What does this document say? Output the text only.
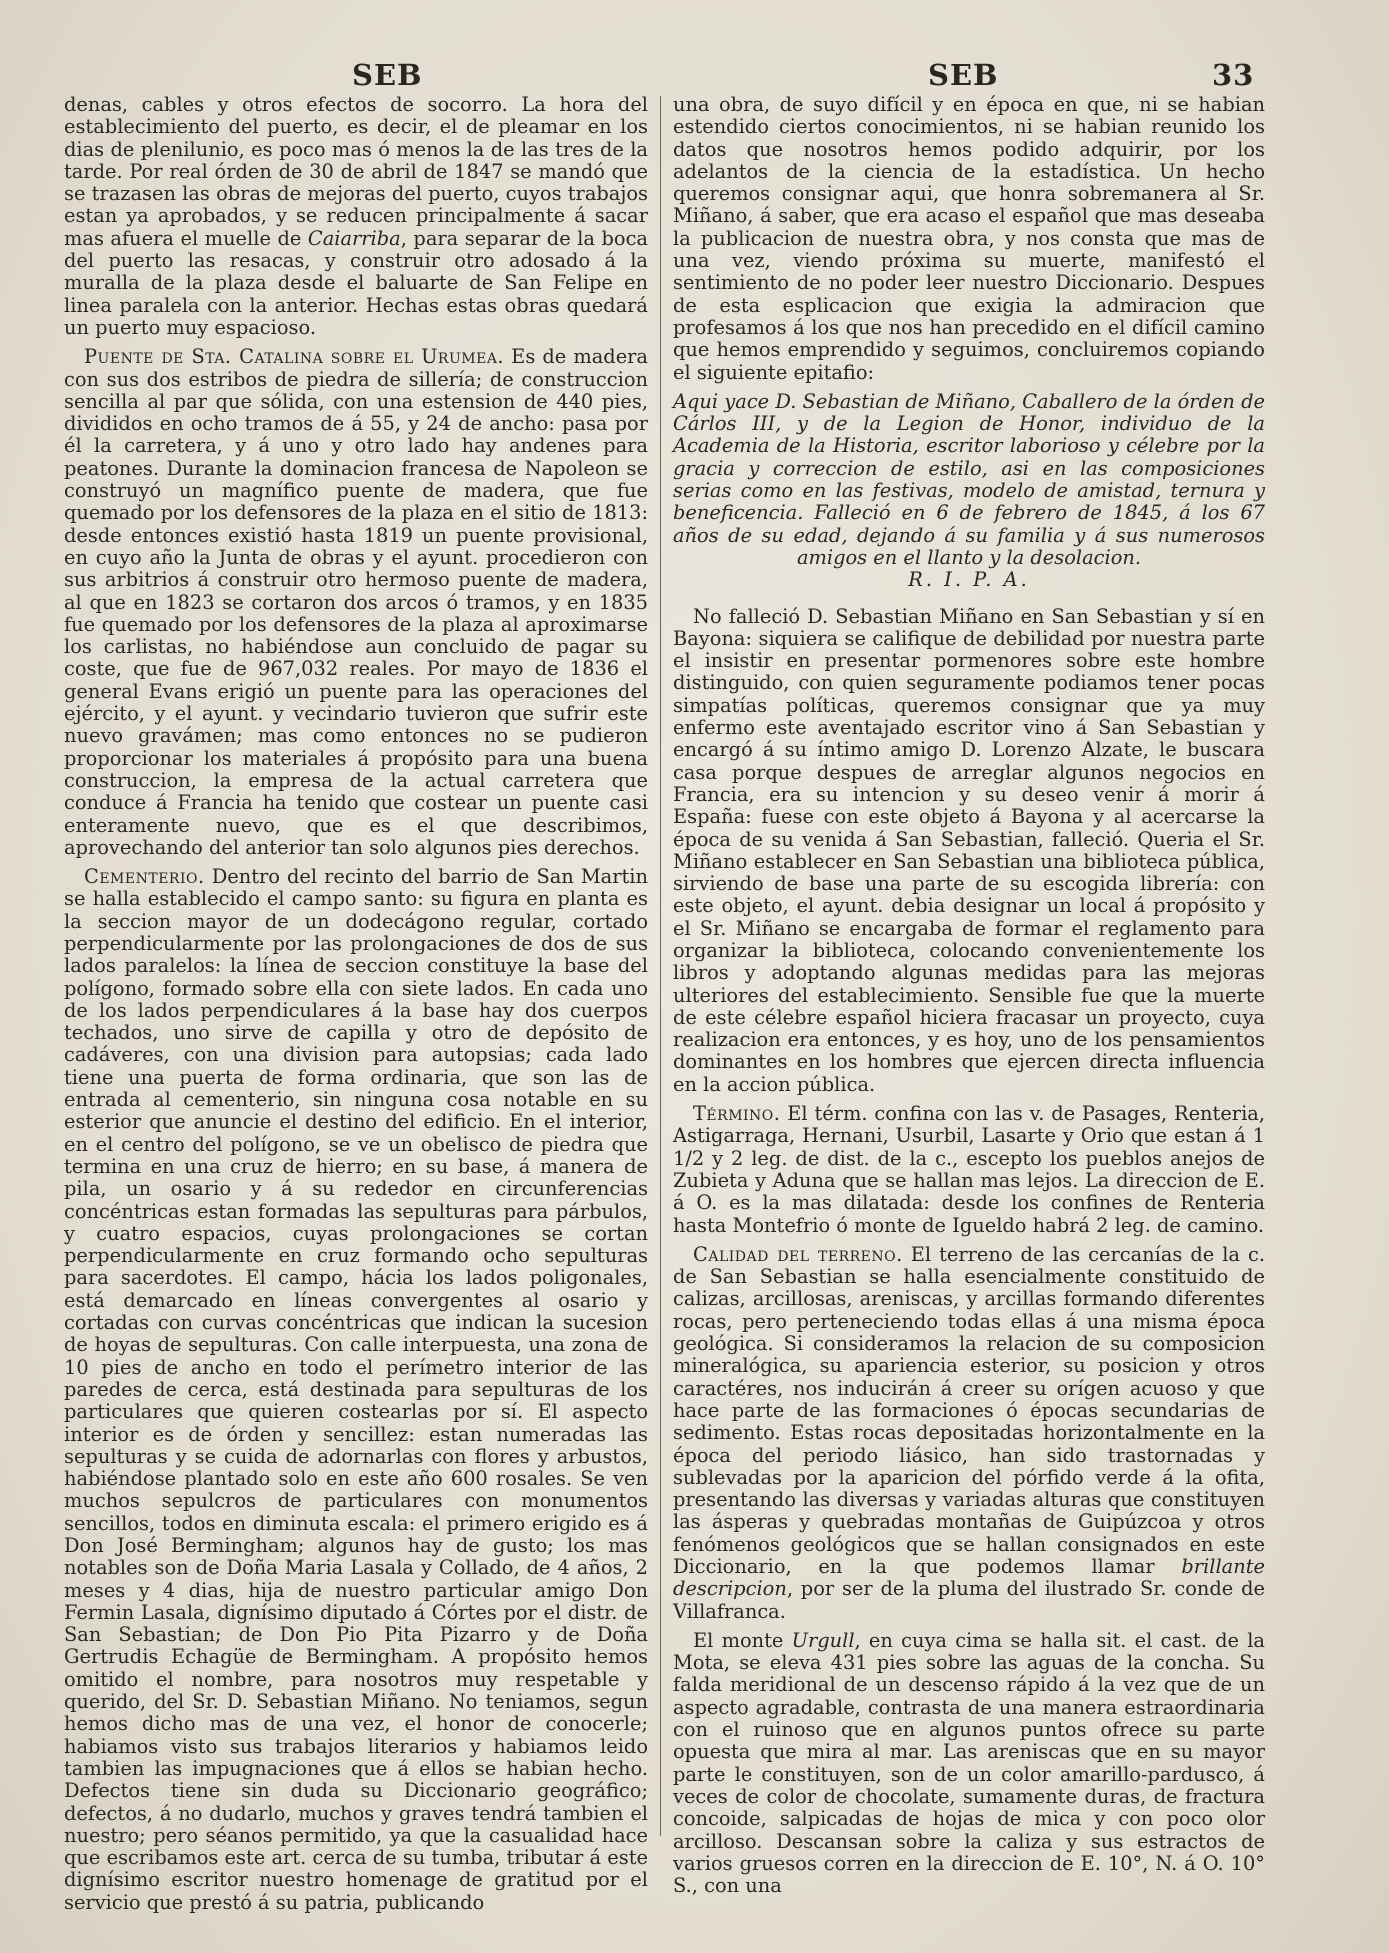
SEB	SEB	33

denas, cables y otros efectos de socorro. La hora del establecimiento del puerto, es decir, el de pleamar en los dias de plenilunio, es poco mas ó menos la de las tres de la tarde. Por real órden de 30 de abril de 1847 se mandó que se trazasen las obras de mejoras del puerto, cuyos trabajos estan ya aprobados, y se reducen principalmente á sacar mas afuera el muelle de Caiarriba, para separar de la boca del puerto las resacas, y construir otro adosado á la muralla de la plaza desde el baluarte de San Felipe en linea paralela con la anterior. Hechas estas obras quedará un puerto muy espacioso.

Puente de Sta. Catalina sobre el Urumea. Es de madera con sus dos estribos de piedra de sillería; de construccion sencilla al par que sólida, con una estension de 440 pies, divididos en ocho tramos de á 55, y 24 de ancho: pasa por él la carretera, y á uno y otro lado hay andenes para peatones. Durante la dominacion francesa de Napoleon se construyó un magnífico puente de madera, que fue quemado por los defensores de la plaza en el sitio de 1813: desde entonces existió hasta 1819 un puente provisional, en cuyo año la Junta de obras y el ayunt. procedieron con sus arbitrios á construir otro hermoso puente de madera, al que en 1823 se cortaron dos arcos ó tramos, y en 1835 fue quemado por los defensores de la plaza al aproximarse los carlistas, no habiéndose aun concluido de pagar su coste, que fue de 967,032 reales. Por mayo de 1836 el general Evans erigió un puente para las operaciones del ejército, y el ayunt. y vecindario tuvieron que sufrir este nuevo gravámen; mas como entonces no se pudieron proporcionar los materiales á propósito para una buena construccion, la empresa de la actual carretera que conduce á Francia ha tenido que costear un puente casi enteramente nuevo, que es el que describimos, aprovechando del anterior tan solo algunos pies derechos.

Cementerio. Dentro del recinto del barrio de San Martin se halla establecido el campo santo: su figura en planta es la seccion mayor de un dodecágono regular, cortado perpendicularmente por las prolongaciones de dos de sus lados paralelos: la línea de seccion constituye la base del polígono, formado sobre ella con siete lados. En cada uno de los lados perpendiculares á la base hay dos cuerpos techados, uno sirve de capilla y otro de depósito de cadáveres, con una division para autopsias; cada lado tiene una puerta de forma ordinaria, que son las de entrada al cementerio, sin ninguna cosa notable en su esterior que anuncie el destino del edificio. En el interior, en el centro del polígono, se ve un obelisco de piedra que termina en una cruz de hierro; en su base, á manera de pila, un osario y á su rededor en circunferencias concéntricas estan formadas las sepulturas para párbulos, y cuatro espacios, cuyas prolongaciones se cortan perpendicularmente en cruz formando ocho sepulturas para sacerdotes. El campo, hácia los lados poligonales, está demarcado en líneas convergentes al osario y cortadas con curvas concéntricas que indican la sucesion de hoyas de sepulturas. Con calle interpuesta, una zona de 10 pies de ancho en todo el perímetro interior de las paredes de cerca, está destinada para sepulturas de los particulares que quieren costearlas por sí. El aspecto interior es de órden y sencillez: estan numeradas las sepulturas y se cuida de adornarlas con flores y arbustos, habiéndose plantado solo en este año 600 rosales. Se ven muchos sepulcros de particulares con monumentos sencillos, todos en diminuta escala: el primero erigido es á Don José Bermingham; algunos hay de gusto; los mas notables son de Doña Maria Lasala y Collado, de 4 años, 2 meses y 4 dias, hija de nuestro particular amigo Don Fermin Lasala, dignísimo diputado á Córtes por el distr. de San Sebastian; de Don Pio Pita Pizarro y de Doña Gertrudis Echagüe de Bermingham. A propósito hemos omitido el nombre, para nosotros muy respetable y querido, del Sr. D. Sebastian Miñano. No teniamos, segun hemos dicho mas de una vez, el honor de conocerle; habiamos visto sus trabajos literarios y habiamos leido tambien las impugnaciones que á ellos se habian hecho. Defectos tiene sin duda su Diccionario geográfico; defectos, á no dudarlo, muchos y graves tendrá tambien el nuestro; pero séanos permitido, ya que la casualidad hace que escribamos este art. cerca de su tumba, tributar á este dignísimo escritor nuestro homenage de gratitud por el servicio que prestó á su patria, publicando

una obra, de suyo difícil y en época en que, ni se habian estendido ciertos conocimientos, ni se habian reunido los datos que nosotros hemos podido adquirir, por los adelantos de la ciencia de la estadística. Un hecho queremos consignar aqui, que honra sobremanera al Sr. Miñano, á saber, que era acaso el español que mas deseaba la publicacion de nuestra obra, y nos consta que mas de una vez, viendo próxima su muerte, manifestó el sentimiento de no poder leer nuestro Diccionario. Despues de esta esplicacion que exigia la admiracion que profesamos á los que nos han precedido en el difícil camino que hemos emprendido y seguimos, concluiremos copiando el siguiente epitafio:

Aqui yace D. Sebastian de Miñano, Caballero de la órden de Cárlos III, y de la Legion de Honor, individuo de la Academia de la Historia, escritor laborioso y célebre por la gracia y correccion de estilo, asi en las composiciones serias como en las festivas, modelo de amistad, ternura y beneficencia. Falleció en 6 de febrero de 1845, á los 67 años de su edad, dejando á su familia y á sus numerosos amigos en el llanto y la desolacion.
R. I. P. A.

No falleció D. Sebastian Miñano en San Sebastian y sí en Bayona: siquiera se califique de debilidad por nuestra parte el insistir en presentar pormenores sobre este hombre distinguido, con quien seguramente podiamos tener pocas simpatías políticas, queremos consignar que ya muy enfermo este aventajado escritor vino á San Sebastian y encargó á su íntimo amigo D. Lorenzo Alzate, le buscara casa porque despues de arreglar algunos negocios en Francia, era su intencion y su deseo venir á morir á España: fuese con este objeto á Bayona y al acercarse la época de su venida á San Sebastian, falleció. Queria el Sr. Miñano establecer en San Sebastian una biblioteca pública, sirviendo de base una parte de su escogida librería: con este objeto, el ayunt. debia designar un local á propósito y el Sr. Miñano se encargaba de formar el reglamento para organizar la biblioteca, colocando convenientemente los libros y adoptando algunas medidas para las mejoras ulteriores del establecimiento. Sensible fue que la muerte de este célebre español hiciera fracasar un proyecto, cuya realizacion era entonces, y es hoy, uno de los pensamientos dominantes en los hombres que ejercen directa influencia en la accion pública.

Término. El térm. confina con las v. de Pasages, Renteria, Astigarraga, Hernani, Usurbil, Lasarte y Orio que estan á 1 1/2 y 2 leg. de dist. de la c., escepto los pueblos anejos de Zubieta y Aduna que se hallan mas lejos. La direccion de E. á O. es la mas dilatada: desde los confines de Renteria hasta Montefrio ó monte de Igueldo habrá 2 leg. de camino.

Calidad del terreno. El terreno de las cercanías de la c. de San Sebastian se halla esencialmente constituido de calizas, arcillosas, areniscas, y arcillas formando diferentes rocas, pero perteneciendo todas ellas á una misma época geológica. Si consideramos la relacion de su composicion mineralógica, su apariencia esterior, su posicion y otros caractéres, nos inducirán á creer su orígen acuoso y que hace parte de las formaciones ó épocas secundarias de sedimento. Estas rocas depositadas horizontalmente en la época del periodo liásico, han sido trastornadas y sublevadas por la aparicion del pórfido verde á la ofita, presentando las diversas y variadas alturas que constituyen las ásperas y quebradas montañas de Guipúzcoa y otros fenómenos geológicos que se hallan consignados en este Diccionario, en la que podemos llamar brillante descripcion, por ser de la pluma del ilustrado Sr. conde de Villafranca.

El monte Urgull, en cuya cima se halla sit. el cast. de la Mota, se eleva 431 pies sobre las aguas de la concha. Su falda meridional de un descenso rápido á la vez que de un aspecto agradable, contrasta de una manera estraordinaria con el ruinoso que en algunos puntos ofrece su parte opuesta que mira al mar. Las areniscas que en su mayor parte le constituyen, son de un color amarillo-pardusco, á veces de color de chocolate, sumamente duras, de fractura concoide, salpicadas de hojas de mica y con poco olor arcilloso. Descansan sobre la caliza y sus estractos de varios gruesos corren en la direccion de E. 10°, N. á O. 10° S., con una
